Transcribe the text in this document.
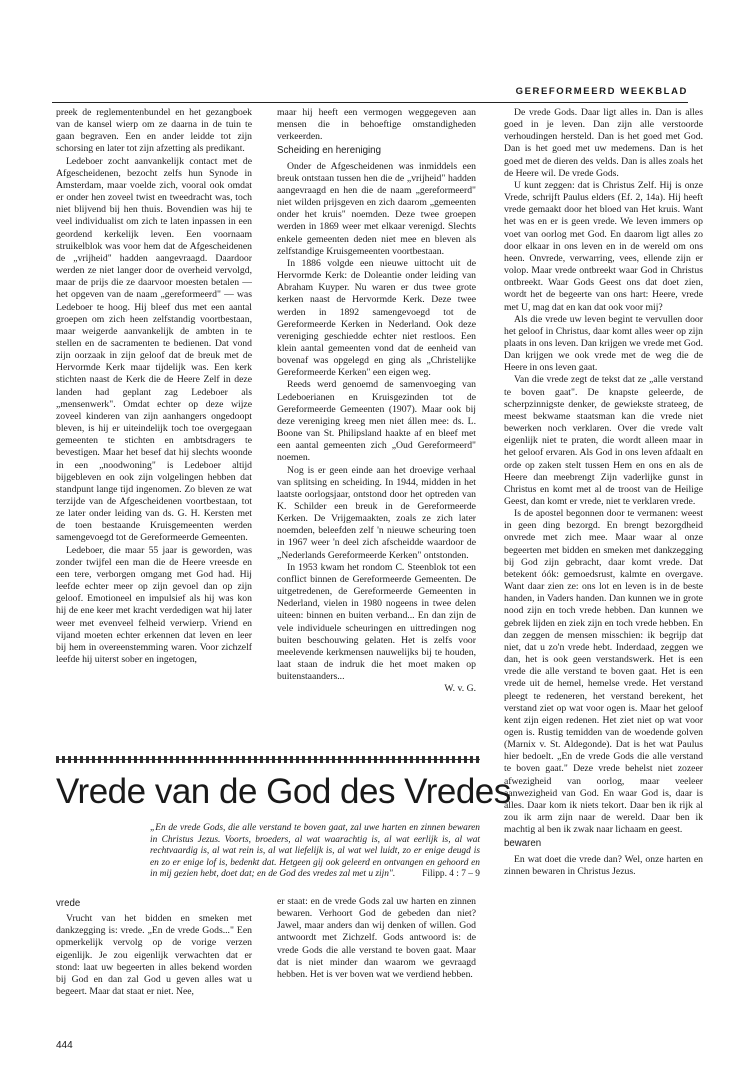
GEREFORMEERD WEEKBLAD

preek de reglementenbundel en het gezangboek van de kansel wierp om ze daarna in de tuin te gaan begraven. Een en ander leidde tot zijn schorsing en later tot zijn afzetting als predikant.

Ledeboer zocht aanvankelijk contact met de Afgescheidenen, bezocht zelfs hun Synode in Amsterdam, maar voelde zich, vooral ook omdat er onder hen zoveel twist en tweedracht was, toch niet blijvend bij hen thuis. Bovendien was hij te veel individualist om zich te laten inpassen in een geordend kerkelijk leven. Een voornaam struikelblok was voor hem dat de Afgescheidenen de „vrijheid" hadden aangevraagd. Daardoor werden ze niet langer door de overheid vervolgd, maar de prijs die ze daarvoor moesten betalen — het opgeven van de naam „gereformeerd" — was Ledeboer te hoog. Hij bleef dus met een aantal groepen om zich heen zelfstandig voortbestaan, maar weigerde aanvankelijk de ambten in te stellen en de sacramenten te bedienen. Dat vond zijn oorzaak in zijn geloof dat de breuk met de Hervormde Kerk maar tijdelijk was. Een kerk stichten naast de Kerk die de Heere Zelf in deze landen had geplant zag Ledeboer als „mensenwerk". Omdat echter op deze wijze zoveel kinderen van zijn aanhangers ongedoopt bleven, is hij er uiteindelijk toch toe overgegaan gemeenten te stichten en ambtsdragers te bevestigen. Maar het besef dat hij slechts woonde in een „noodwoning" is Ledeboer altijd bijgebleven en ook zijn volgelingen hebben dat standpunt lange tijd ingenomen. Zo bleven ze wat terzijde van de Afgescheidenen voortbestaan, tot ze later onder leiding van ds. G. H. Kersten met de toen bestaande Kruisgemeenten werden samengevoegd tot de Gereformeerde Gemeenten.

Ledeboer, die maar 55 jaar is geworden, was zonder twijfel een man die de Heere vreesde en een tere, verborgen omgang met God had. Hij leefde echter meer op zijn gevoel dan op zijn geloof. Emotioneel en impulsief als hij was kon hij de ene keer met kracht verdedigen wat hij later weer met evenveel felheid verwierp. Vriend en vijand moeten echter erkennen dat leven en leer bij hem in overeenstemming waren. Voor zichzelf leefde hij uiterst sober en ingetogen,

maar hij heeft een vermogen weggegeven aan mensen die in behoeftige omstandigheden verkeerden.

Scheiding en hereniging

Onder de Afgescheidenen was inmiddels een breuk ontstaan tussen hen die de „vrijheid" hadden aangevraagd en hen die de naam „gereformeerd" niet wilden prijsgeven en zich daarom „gemeenten onder het kruis" noemden. Deze twee groepen werden in 1869 weer met elkaar verenigd. Slechts enkele gemeenten deden niet mee en bleven als zelfstandige Kruisgemeenten voortbestaan.

In 1886 volgde een nieuwe uittocht uit de Hervormde Kerk: de Doleantie onder leiding van Abraham Kuyper. Nu waren er dus twee grote kerken naast de Hervormde Kerk. Deze twee werden in 1892 samengevoegd tot de Gereformeerde Kerken in Nederland. Ook deze vereniging geschiedde echter niet restloos. Een klein aantal gemeenten vond dat de eenheid van bovenaf was opgelegd en ging als „Christelijke Gereformeerde Kerken" een eigen weg.

Reeds werd genoemd de samenvoeging van Ledeboerianen en Kruisgezinden tot de Gereformeerde Gemeenten (1907). Maar ook bij deze vereniging kreeg men niet állen mee: ds. L. Boone van St. Philipsland haakte af en bleef met een aantal gemeenten zich „Oud Gereformeerd" noemen.

Nog is er geen einde aan het droevige verhaal van splitsing en scheiding. In 1944, midden in het laatste oorlogsjaar, ontstond door het optreden van K. Schilder een breuk in de Gereformeerde Kerken. De Vrijgemaakten, zoals ze zich later noemden, beleefden zelf 'n nieuwe scheuring toen in 1967 weer 'n deel zich afscheidde waardoor de „Nederlands Gereformeerde Kerken" ontstonden.

In 1953 kwam het rondom C. Steenblok tot een conflict binnen de Gereformeerde Gemeenten. De uitgetredenen, de Gereformeerde Gemeenten in Nederland, vielen in 1980 nogeens in twee delen uiteen: binnen en buiten verband... En dan zijn de vele individuele scheuringen en uittredingen nog buiten beschouwing gelaten. Het is zelfs voor meelevende kerkmensen nauwelijks bij te houden, laat staan de indruk die het moet maken op buitenstaanders...

W. v. G.

De vrede Gods. Daar ligt alles in. Dan is alles goed in je leven. Dan zijn alle verstoorde verhoudingen hersteld. Dan is het goed met God. Dan is het goed met uw medemens. Dan is het goed met de dieren des velds. Dan is alles zoals het de Heere wil. De vrede Gods.

U kunt zeggen: dat is Christus Zelf. Hij is onze Vrede, schrijft Paulus elders (Ef. 2, 14a). Hij heeft vrede gemaakt door het bloed van Het kruis. Want het was en er is geen vrede. We leven immers op voet van oorlog met God. En daarom ligt alles zo door elkaar in ons leven en in de wereld om ons heen. Onvrede, verwarring, vees, ellende zijn er volop. Maar vrede ontbreekt waar God in Christus ontbreekt. Waar Gods Geest ons dat doet zien, wordt het de begeerte van ons hart: Heere, vrede met U, mag dat en kan dat ook voor mij?

Als die vrede uw leven begint te vervullen door het geloof in Christus, daar komt alles weer op zijn plaats in ons leven. Dan krijgen we vrede met God. Dan krijgen we ook vrede met de weg die de Heere in ons leven gaat.

Van die vrede zegt de tekst dat ze „alle verstand te boven gaat". De knapste geleerde, de scherpzinnigste denker, de gewiekste strateeg, de meest bekwame staatsman kan die vrede niet bewerken noch verklaren. Over die vrede valt eigenlijk niet te praten, die wordt alleen maar in het geloof ervaren. Als God in ons leven afdaalt en orde op zaken stelt tussen Hem en ons en als de Heere dan meebrengt Zijn vaderlijke gunst in Christus en komt met al de troost van de Heilige Geest, dan komt er vrede, niet te verklaren vrede.

Is de apostel begonnen door te vermanen: weest in geen ding bezorgd. En brengt bezorgdheid onvrede met zich mee. Maar waar al onze begeerten met bidden en smeken met dankzegging bij God zijn gebracht, daar komt vrede. Dat betekent óók: gemoedsrust, kalmte en overgave. Want daar zien ze: ons lot en leven is in de beste handen, in Vaders handen. Dan kunnen we in grote nood zijn en toch vrede hebben. Dan kunnen we gebrek lijden en ziek zijn en toch vrede hebben. En dan zeggen de mensen misschien: ik begrijp dat niet, dat u zo'n vrede hebt. Inderdaad, zeggen we dan, het is ook geen verstandswerk. Het is een vrede die alle verstand te boven gaat. Het is een vrede uit de hemel, hemelse vrede. Het verstand pleegt te redeneren, het verstand berekent, het verstand ziet op wat voor ogen is. Maar het geloof kent zijn eigen redenen. Het ziet niet op wat voor ogen is. Rustig temidden van de woedende golven (Marnix v. St. Aldegonde). Dat is het wat Paulus hier bedoelt. „En de vrede Gods die alle verstand te boven gaat." Deze vrede behelst niet zozeer afwezigheid van oorlog, maar veeleer aanwezigheid van God. En waar God is, daar is alles. Daar kom ik niets tekort. Daar ben ik rijk al zou ik arm zijn naar de wereld. Daar ben ik machtig al ben ik zwak naar lichaam en geest.

bewaren

En wat doet die vrede dan? Wel, onze harten en zinnen bewaren in Christus Jezus.

Vrede van de God des Vredes
„En de vrede Gods, die alle verstand te boven gaat, zal uwe harten en zinnen bewaren in Christus Jezus. Voorts, broeders, al wat waarachtig is, al wat eerlijk is, al wat rechtvaardig is, al wat rein is, al wat liefelijk is, al wat wel luidt, zo er enige deugd is en zo er enige lof is, bedenkt dat. Hetgeen gij ook geleerd en ontvangen en gehoord en in mij gezien hebt, doet dat; en de God des vredes zal met u zijn".	Filipp. 4 : 7 – 9
vrede

Vrucht van het bidden en smeken met dankzegging is: vrede. „En de vrede Gods..." Een opmerkelijk vervolg op de vorige verzen eigenlijk. Je zou eigenlijk verwachten dat er stond: laat uw begeerten in alles bekend worden bij God en dan zal God u geven alles wat u begeert. Maar dat staat er niet. Nee,

er staat: en de vrede Gods zal uw harten en zinnen bewaren. Verhoort God de gebeden dan niet? Jawel, maar anders dan wij denken of willen. God antwoordt met Zichzelf. Gods antwoord is: de vrede Gods die alle verstand te boven gaat. Maar dat is niet minder dan waarom we gevraagd hebben. Het is ver boven wat we verdiend hebben.

444
